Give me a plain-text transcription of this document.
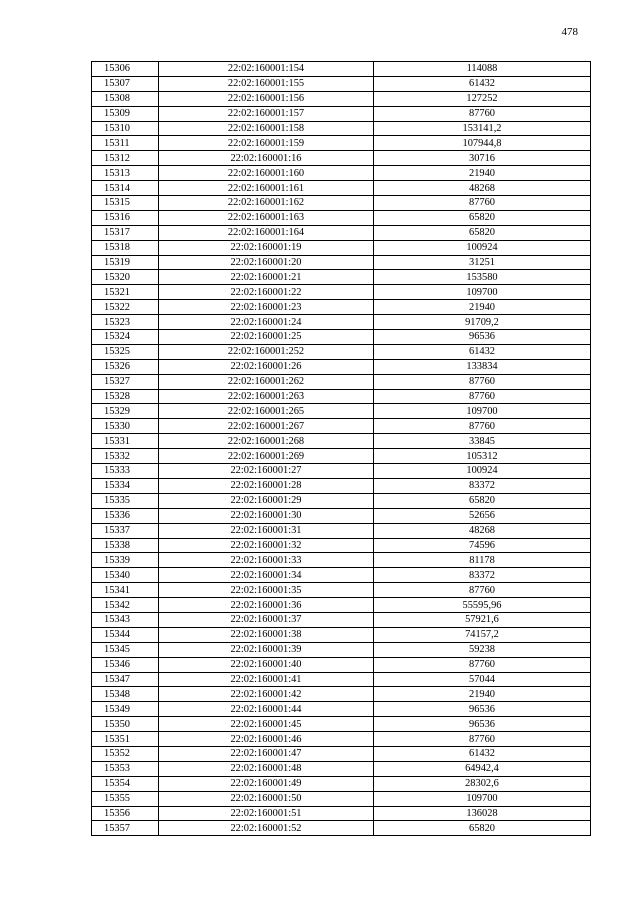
478
15306	22:02:160001:154	114088
15307	22:02:160001:155	61432
15308	22:02:160001:156	127252
15309	22:02:160001:157	87760
15310	22:02:160001:158	153141,2
15311	22:02:160001:159	107944,8
15312	22:02:160001:16	30716
15313	22:02:160001:160	21940
15314	22:02:160001:161	48268
15315	22:02:160001:162	87760
15316	22:02:160001:163	65820
15317	22:02:160001:164	65820
15318	22:02:160001:19	100924
15319	22:02:160001:20	31251
15320	22:02:160001:21	153580
15321	22:02:160001:22	109700
15322	22:02:160001:23	21940
15323	22:02:160001:24	91709,2
15324	22:02:160001:25	96536
15325	22:02:160001:252	61432
15326	22:02:160001:26	133834
15327	22:02:160001:262	87760
15328	22:02:160001:263	87760
15329	22:02:160001:265	109700
15330	22:02:160001:267	87760
15331	22:02:160001:268	33845
15332	22:02:160001:269	105312
15333	22:02:160001:27	100924
15334	22:02:160001:28	83372
15335	22:02:160001:29	65820
15336	22:02:160001:30	52656
15337	22:02:160001:31	48268
15338	22:02:160001:32	74596
15339	22:02:160001:33	81178
15340	22:02:160001:34	83372
15341	22:02:160001:35	87760
15342	22:02:160001:36	55595,96
15343	22:02:160001:37	57921,6
15344	22:02:160001:38	74157,2
15345	22:02:160001:39	59238
15346	22:02:160001:40	87760
15347	22:02:160001:41	57044
15348	22:02:160001:42	21940
15349	22:02:160001:44	96536
15350	22:02:160001:45	96536
15351	22:02:160001:46	87760
15352	22:02:160001:47	61432
15353	22:02:160001:48	64942,4
15354	22:02:160001:49	28302,6
15355	22:02:160001:50	109700
15356	22:02:160001:51	136028
15357	22:02:160001:52	65820
